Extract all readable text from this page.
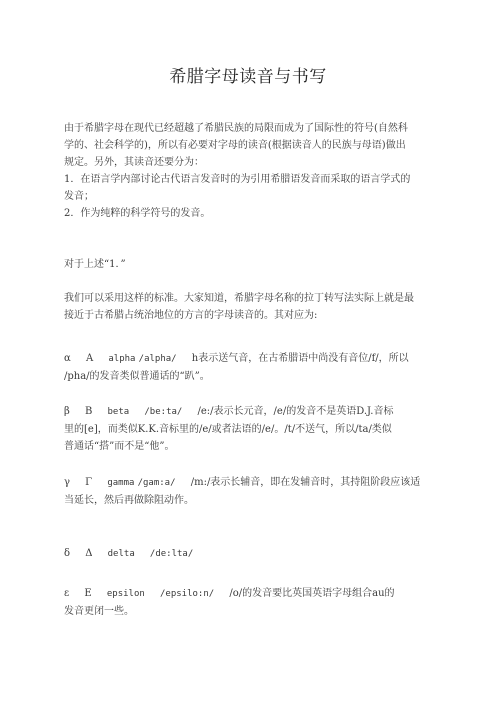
希腊字母读音与书写

由于希腊字母在现代已经超越了希腊民族的局限而成为了国际性的符号(自然科

学的、社会科学的)，所以有必要对字母的读音(根据读音人的民族与母语)做出

规定。另外，其读音还要分为：

1．在语言学内部讨论古代语言发音时的为引用希腊语发音而采取的语言学式的

发音；

2．作为纯粹的科学符号的发音。

对于上述“1．”

我们可以采用这样的标准。大家知道，希腊字母名称的拉丁转写法实际上就是最

接近于古希腊占统治地位的方言的字母读音的。其对应为:

α Α alpha /alpha/ h表示送气音，在古希腊语中尚没有音位/f/，所以

/pha/的发音类似普通话的“趴”。

β Β beta /be:ta/ /e:/表示长元音，/e/的发音不是英语D.J.音标

里的[e]，而类似K.K.音标里的/e/或者法语的/e/。/t/不送气，所以/ta/类似

普通话“搭”而不是“他”。

γ Γ gamma /gam:a/ /m:/表示长辅音，即在发辅音时，其持阻阶段应该适

当延长，然后再做除阻动作。

δ Δ delta /de:lta/

ε Ε epsilon /epsilo:n/ /o/的发音要比英国英语字母组合au的

发音更闭一些。
